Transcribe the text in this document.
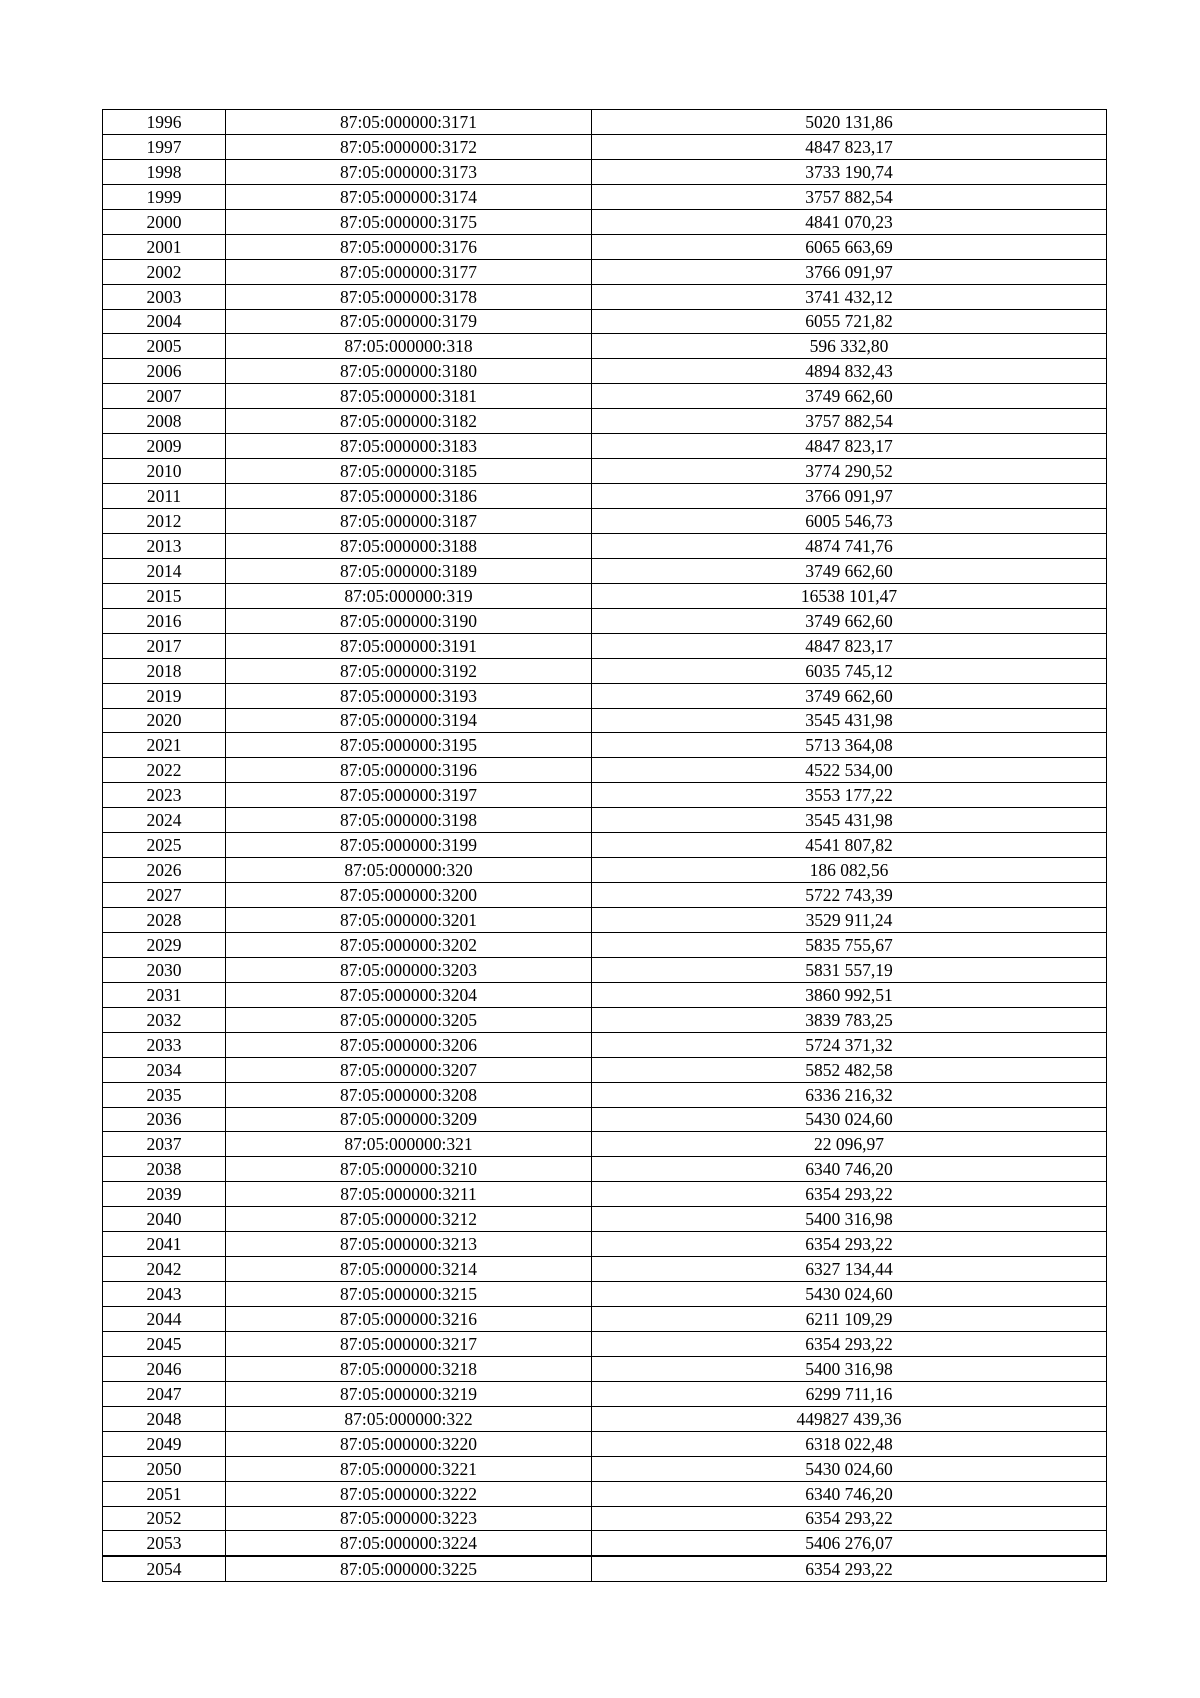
1996	87:05:000000:3171	5020 131,86
1997	87:05:000000:3172	4847 823,17
1998	87:05:000000:3173	3733 190,74
1999	87:05:000000:3174	3757 882,54
2000	87:05:000000:3175	4841 070,23
2001	87:05:000000:3176	6065 663,69
2002	87:05:000000:3177	3766 091,97
2003	87:05:000000:3178	3741 432,12
2004	87:05:000000:3179	6055 721,82
2005	87:05:000000:318	596 332,80
2006	87:05:000000:3180	4894 832,43
2007	87:05:000000:3181	3749 662,60
2008	87:05:000000:3182	3757 882,54
2009	87:05:000000:3183	4847 823,17
2010	87:05:000000:3185	3774 290,52
2011	87:05:000000:3186	3766 091,97
2012	87:05:000000:3187	6005 546,73
2013	87:05:000000:3188	4874 741,76
2014	87:05:000000:3189	3749 662,60
2015	87:05:000000:319	16538 101,47
2016	87:05:000000:3190	3749 662,60
2017	87:05:000000:3191	4847 823,17
2018	87:05:000000:3192	6035 745,12
2019	87:05:000000:3193	3749 662,60
2020	87:05:000000:3194	3545 431,98
2021	87:05:000000:3195	5713 364,08
2022	87:05:000000:3196	4522 534,00
2023	87:05:000000:3197	3553 177,22
2024	87:05:000000:3198	3545 431,98
2025	87:05:000000:3199	4541 807,82
2026	87:05:000000:320	186 082,56
2027	87:05:000000:3200	5722 743,39
2028	87:05:000000:3201	3529 911,24
2029	87:05:000000:3202	5835 755,67
2030	87:05:000000:3203	5831 557,19
2031	87:05:000000:3204	3860 992,51
2032	87:05:000000:3205	3839 783,25
2033	87:05:000000:3206	5724 371,32
2034	87:05:000000:3207	5852 482,58
2035	87:05:000000:3208	6336 216,32
2036	87:05:000000:3209	5430 024,60
2037	87:05:000000:321	22 096,97
2038	87:05:000000:3210	6340 746,20
2039	87:05:000000:3211	6354 293,22
2040	87:05:000000:3212	5400 316,98
2041	87:05:000000:3213	6354 293,22
2042	87:05:000000:3214	6327 134,44
2043	87:05:000000:3215	5430 024,60
2044	87:05:000000:3216	6211 109,29
2045	87:05:000000:3217	6354 293,22
2046	87:05:000000:3218	5400 316,98
2047	87:05:000000:3219	6299 711,16
2048	87:05:000000:322	449827 439,36
2049	87:05:000000:3220	6318 022,48
2050	87:05:000000:3221	5430 024,60
2051	87:05:000000:3222	6340 746,20
2052	87:05:000000:3223	6354 293,22
2053	87:05:000000:3224	5406 276,07
2054	87:05:000000:3225	6354 293,22
